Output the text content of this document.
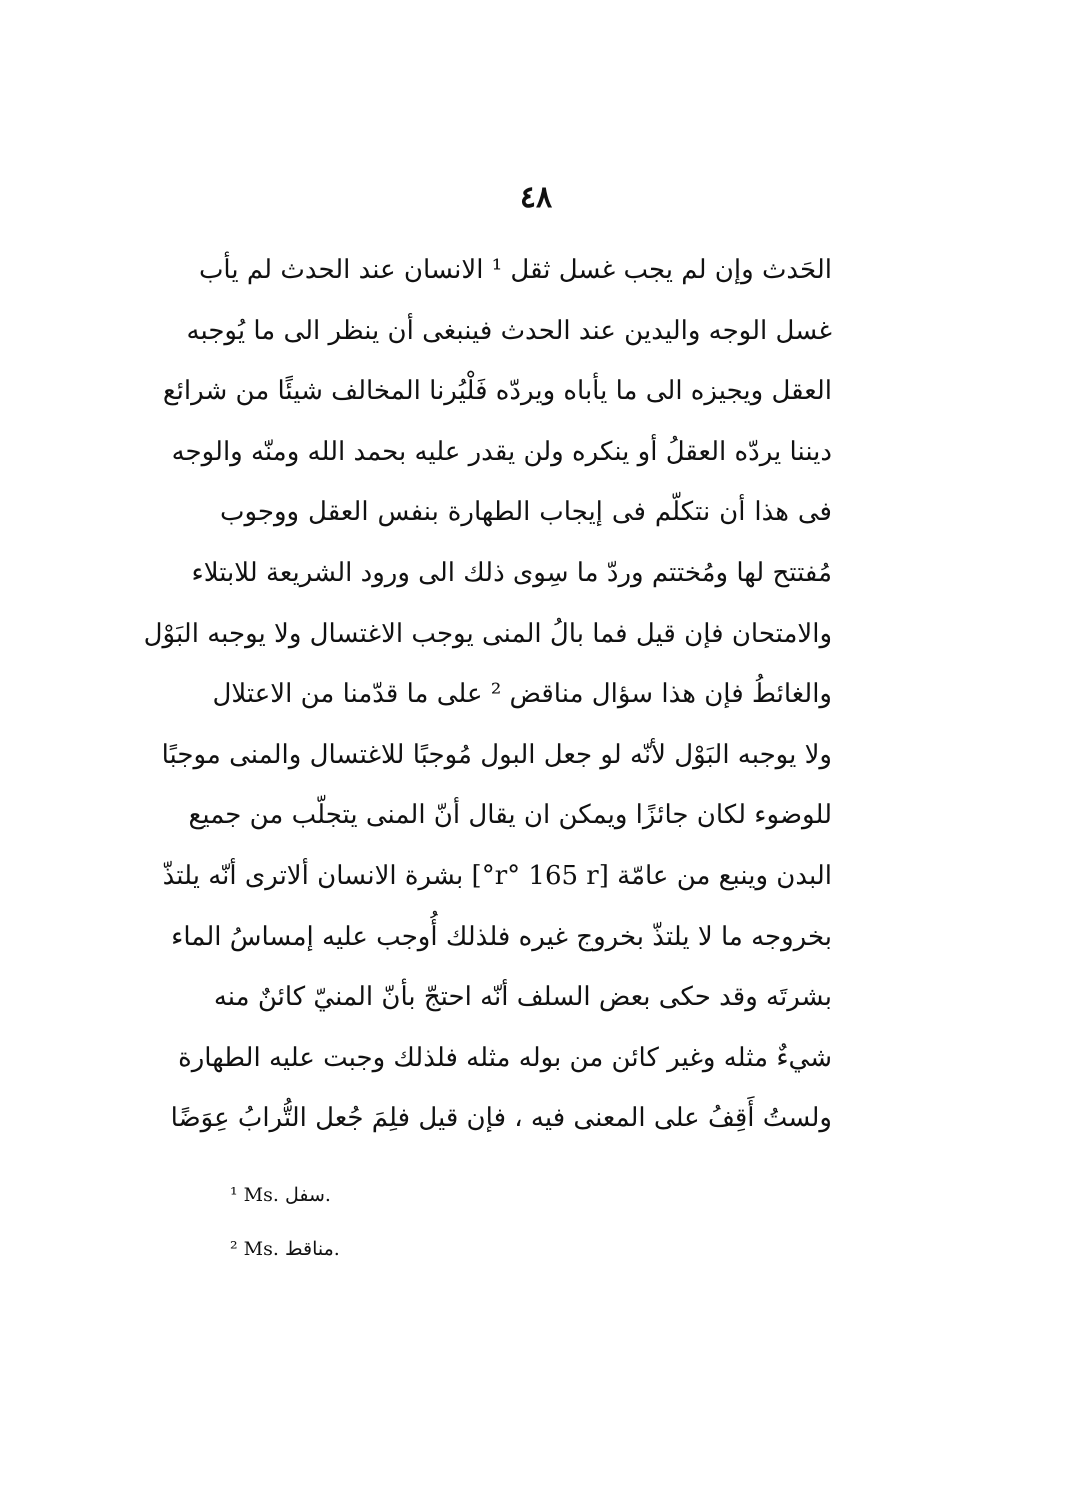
٤٨
الحَدث وإن لم يجب غسل ثقل ¹ الانسان عند الحدث لم يأب
غسل الوجه واليدين عند الحدث فينبغى أن ينظر الى ما يُوجبه
العقل ويجيزه الى ما يأباه ويردّه فَلْيُرنا المخالف شيئًا من شرائع
ديننا يردّه العقلُ أو ينكره ولن يقدر عليه بحمد الله ومنّه والوجه
فى هذا أن نتكلّم فى إيجاب الطهارة بنفس العقل ووجوب
مُفتتح لها ومُختتم وردّ ما سِوى ذلك الى ورود الشريعة للابتلاء
والامتحان فإن قيل فما بالُ المنى يوجب الاغتسال ولا يوجبه البَوْل
والغائطُ فإن هذا سؤال مناقض ² على ما قدّمنا من الاعتلال
ولا يوجبه البَوْل لأنّه لو جعل البول مُوجبًا للاغتسال والمنى موجبًا
للوضوء لكان جائزًا ويمكن ان يقال أنّ المنى يتجلّب من جميع
البدن وينبع من عامّة [r° 165 r°] بشرة الانسان ألاترى أنّه يلتذّ
بخروجه ما لا يلتذّ بخروج غيره فلذلك أُوجب عليه إمساسُ الماء
بشرتَه وقد حكى بعض السلف أنّه احتجّ بأنّ المنيّ كائنٌ منه
شيءٌ مثله وغير كائن من بوله مثله فلذلك وجبت عليه الطهارة
ولستُ أَقِفُ على المعنى فيه ، فإن قيل فلِمَ جُعل التُّرابُ عِوَضًا
¹ Ms. سفل.
² Ms. مناقط.
